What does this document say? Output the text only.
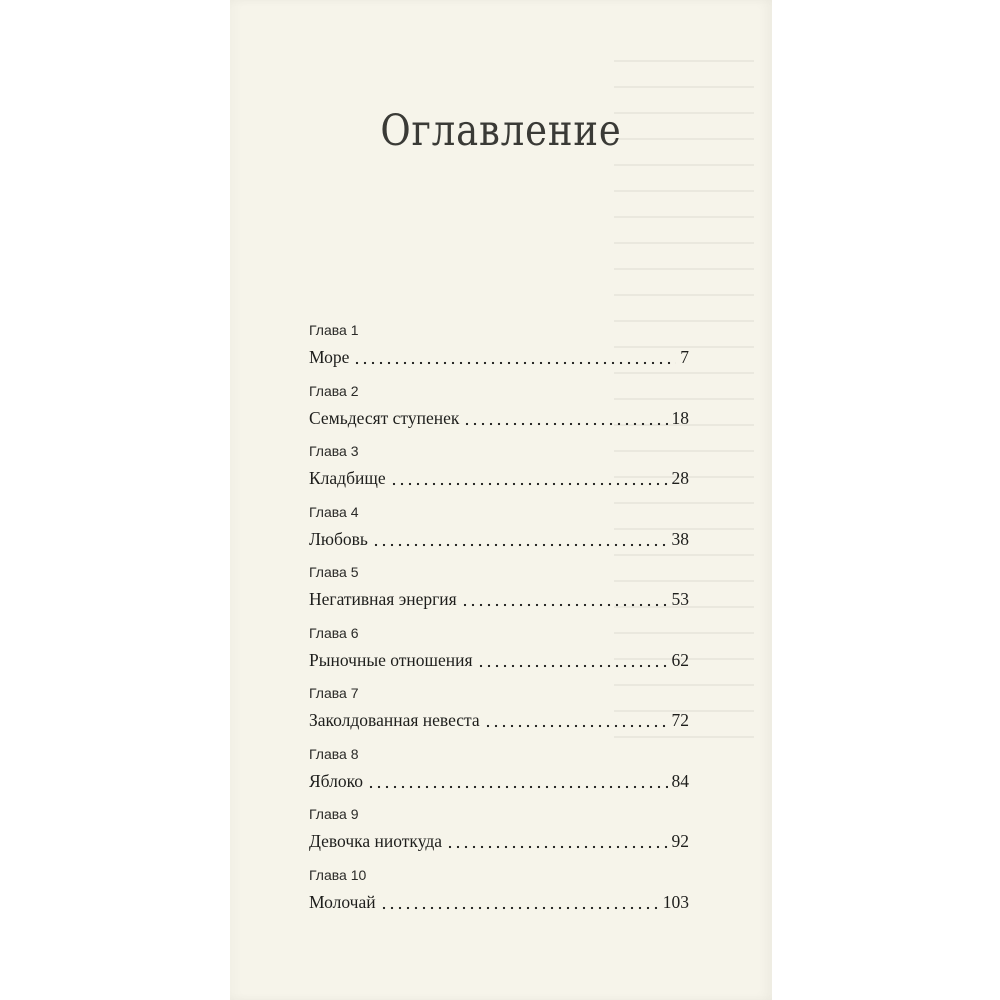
Оглавление
Глава 1
Море	7
Глава 2
Семьдесят ступенек	18
Глава 3
Кладбище	28
Глава 4
Любовь	38
Глава 5
Негативная энергия	53
Глава 6
Рыночные отношения	62
Глава 7
Заколдованная невеста	72
Глава 8
Яблоко	84
Глава 9
Девочка ниоткуда	92
Глава 10
Молочай	103
